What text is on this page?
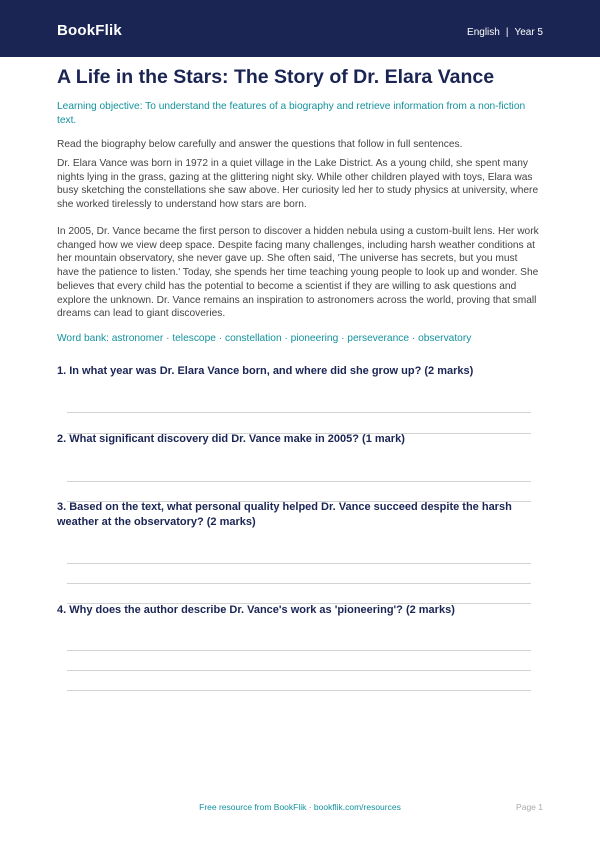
BookFlik	English | Year 5
A Life in the Stars: The Story of Dr. Elara Vance

Learning objective: To understand the features of a biography and retrieve information from a non-fiction text.

Read the biography below carefully and answer the questions that follow in full sentences.

Dr. Elara Vance was born in 1972 in a quiet village in the Lake District. As a young child, she spent many nights lying in the grass, gazing at the glittering night sky. While other children played with toys, Elara was busy sketching the constellations she saw above. Her curiosity led her to study physics at university, where she worked tirelessly to understand how stars are born.

In 2005, Dr. Vance became the first person to discover a hidden nebula using a custom-built lens. Her work changed how we view deep space. Despite facing many challenges, including harsh weather conditions at her mountain observatory, she never gave up. She often said, 'The universe has secrets, but you must have the patience to listen.' Today, she spends her time teaching young people to look up and wonder. She believes that every child has the potential to become a scientist if they are willing to ask questions and explore the unknown. Dr. Vance remains an inspiration to astronomers across the world, proving that small dreams can lead to giant discoveries.

Word bank: astronomer · telescope · constellation · pioneering · perseverance · observatory

1. In what year was Dr. Elara Vance born, and where did she grow up? (2 marks)

2. What significant discovery did Dr. Vance make in 2005? (1 mark)

3. Based on the text, what personal quality helped Dr. Vance succeed despite the harsh weather at the observatory? (2 marks)

4. Why does the author describe Dr. Vance's work as 'pioneering'? (2 marks)

Free resource from BookFlik · bookflik.com/resources	Page 1
